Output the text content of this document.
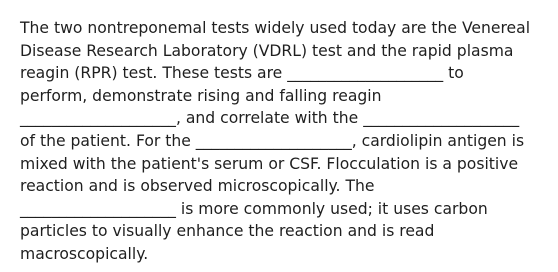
The two nontreponemal tests widely used today are the Venereal
Disease Research Laboratory (VDRL) test and the rapid plasma
reagin (RPR) test. These tests are ____________________ to
perform, demonstrate rising and falling reagin
____________________, and correlate with the ____________________
of the patient. For the ____________________, cardiolipin antigen is
mixed with the patient's serum or CSF. Flocculation is a positive
reaction and is observed microscopically. The
____________________ is more commonly used; it uses carbon
particles to visually enhance the reaction and is read
macroscopically.
